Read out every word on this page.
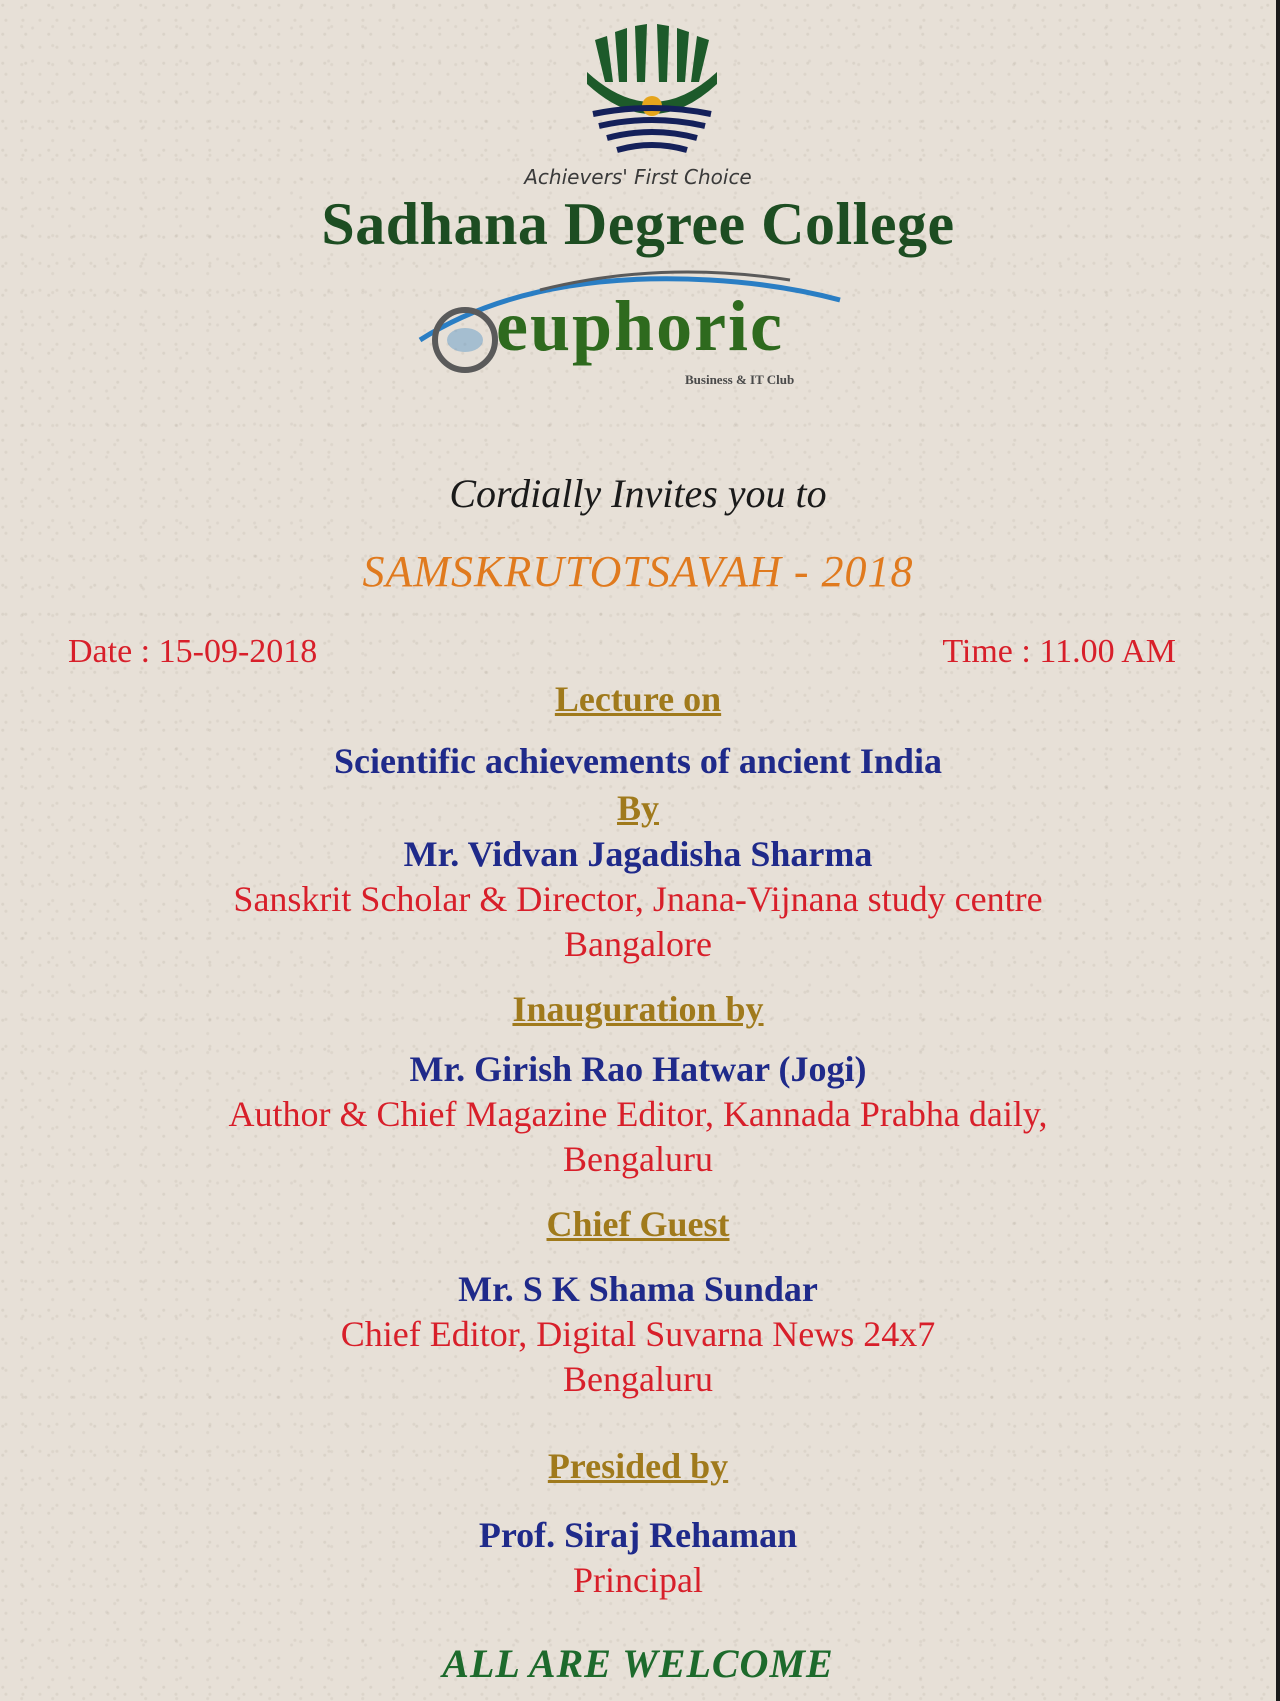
Achievers' First Choice
Sadhana Degree College
euphoric
Business & IT Club
Cordially Invites you to
SAMSKRUTOTSAVAH - 2018
Date : 15-09-2018	Time : 11.00 AM
Lecture on
Scientific achievements of ancient India
By
Mr. Vidvan Jagadisha Sharma
Sanskrit Scholar & Director, Jnana-Vijnana study centre
Bangalore
Inauguration by
Mr. Girish Rao Hatwar (Jogi)
Author & Chief Magazine Editor, Kannada Prabha daily,
Bengaluru
Chief Guest
Mr. S K Shama Sundar
Chief Editor, Digital Suvarna News 24x7
Bengaluru
Presided by
Prof. Siraj Rehaman
Principal
ALL ARE WELCOME
